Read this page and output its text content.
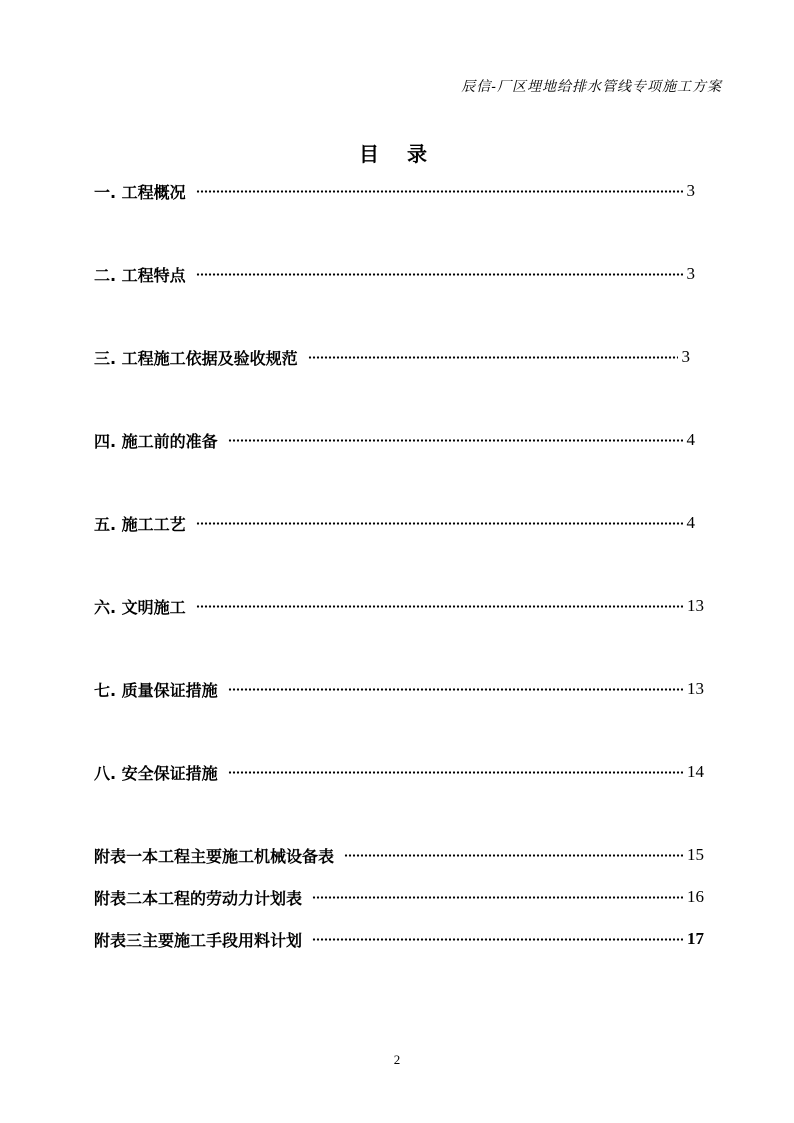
辰信-厂区埋地给排水管线专项施工方案
目录
一. 工程概况	3
二. 工程特点	3
三. 工程施工依据及验收规范	3
四. 施工前的准备	4
五. 施工工艺	4
六. 文明施工	13
七. 质量保证措施	13
八. 安全保证措施	14
附表一本工程主要施工机械设备表	15
附表二本工程的劳动力计划表	16
附表三主要施工手段用料计划	17
2
